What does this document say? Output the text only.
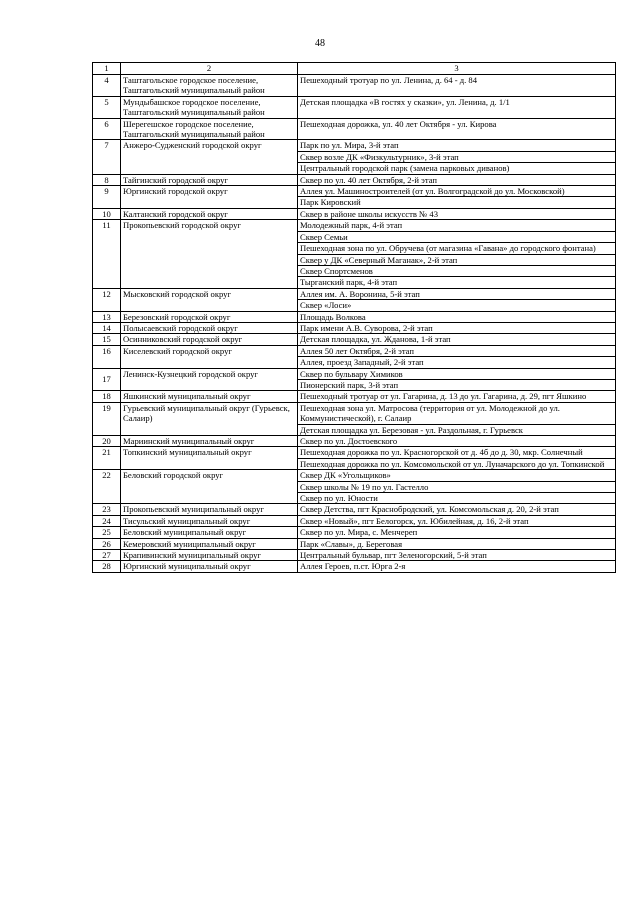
48
1	2	3
4	Таштагольское городское поселение, Таштагольский муниципальный район	Пешеходный тротуар по ул. Ленина, д. 64 - д. 84
5	Мундыбашское городское поселение, Таштагольский муниципальный район	Детская площадка «В гостях у сказки», ул. Ленина, д. 1/1
6	Шерегешское городское поселение, Таштагольский муниципальный район	Пешеходная дорожка, ул. 40 лет Октября - ул. Кирова
7	Анжеро-Судженский городской округ	Парк по ул. Мира, 3-й этап
		Сквер возле ДК «Физкультурник», 3-й этап
		Центральный городской парк (замена парковых диванов)
8	Тайгинский городской округ	Сквер по ул. 40 лет Октября, 2-й этап
9	Юргинский городской округ	Аллея ул. Машиностроителей (от ул. Волгоградской до ул. Московской)
		Парк Кировский
10	Калтанский городской округ	Сквер в районе школы искусств № 43
11	Прокопьевский городской округ	Молодежный парк, 4-й этап
		Сквер Семьи
		Пешеходная зона по ул. Обручева (от магазина «Гавана» до городского фонтана)
		Сквер у ДК «Северный Маганак», 2-й этап
		Сквер Спортсменов
		Тырганский парк, 4-й этап
12	Мысковский городской округ	Аллея им. А. Воронина, 5-й этап
		Сквер «Лоси»
13	Березовский городской округ	Площадь Волкова
14	Полысаевский городской округ	Парк имени А.В. Суворова, 2-й этап
15	Осинниковский городской округ	Детская площадка, ул. Жданова, 1-й этап
16	Киселевский городской округ	Аллея 50 лет Октября, 2-й этап
		Аллея, проезд Западный, 2-й этап
17	Ленинск-Кузнецкий городской округ	Сквер по бульвару Химиков
		Пионерский парк, 3-й этап
18	Яшкинский муниципальный округ	Пешеходный тротуар от ул. Гагарина, д. 13 до ул. Гагарина, д. 29, пгт Яшкино
19	Гурьевский муниципальный округ (Гурьевск, Салаир)	Пешеходная зона ул. Матросова (территория от ул. Молодежной до ул. Коммунистической), г. Салаир
		Детская площадка ул. Березовая - ул. Раздольная, г. Гурьевск
20	Мариинский муниципальный округ	Сквер по ул. Достоевского
21	Топкинский муниципальный округ	Пешеходная дорожка по ул. Красногорской от д. 4б до д. 30, мкр. Солнечный
		Пешеходная дорожка по ул. Комсомольской от ул. Луначарского до ул. Топкинской
22	Беловский городской округ	Сквер ДК «Угольщиков»
		Сквер школы № 19 по ул. Гастелло
		Сквер по ул. Юности
23	Прокопьевский муниципальный округ	Сквер Детства, пгт Краснобродский, ул. Комсомольская д. 20, 2-й этап
24	Тисульский муниципальный округ	Сквер «Новый», пгт Белогорск, ул. Юбилейная, д. 16, 2-й этап
25	Беловский муниципальный округ	Сквер по ул. Мира, с. Менчереп
26	Кемеровский муниципальный округ	Парк «Славы», д. Береговая
27	Крапивинский муниципальный округ	Центральный бульвар, пгт Зеленогорский, 5-й этап
28	Юргинский муниципальный округ	Аллея Героев, п.ст. Юрга 2-я
